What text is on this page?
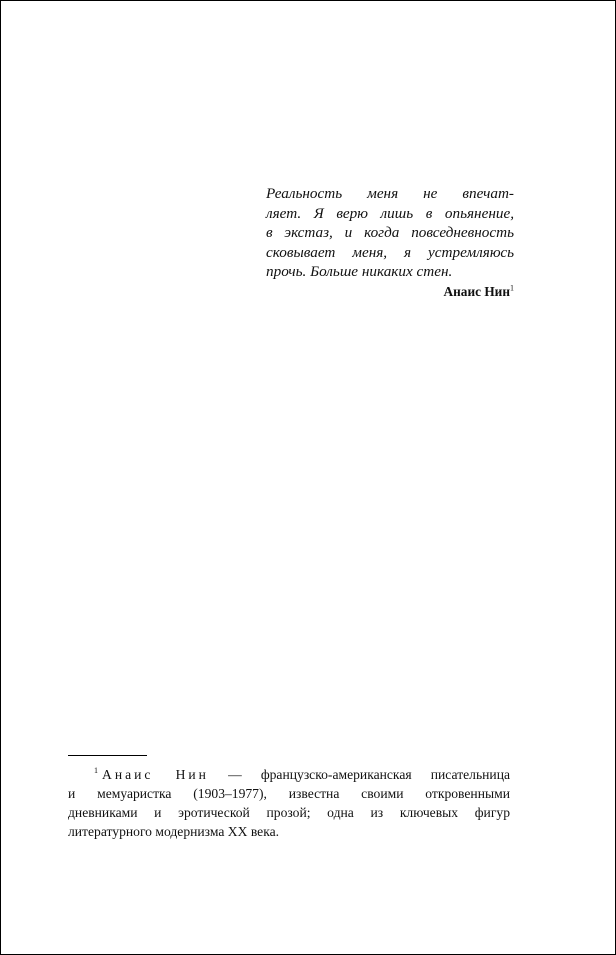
Реальность меня не впечат-
ляет. Я верю лишь в опьянение,
в экстаз, и когда повседневность
сковывает меня, я устремляюсь
прочь. Больше никаких стен.
Анаис Нин$^1$
$^1$ Анаис Нин — французско-американская писательница
и мемуаристка (1903–1977), известна своими откровенными
дневниками и эротической прозой; одна из ключевых фигур
литературного модернизма XX века.
